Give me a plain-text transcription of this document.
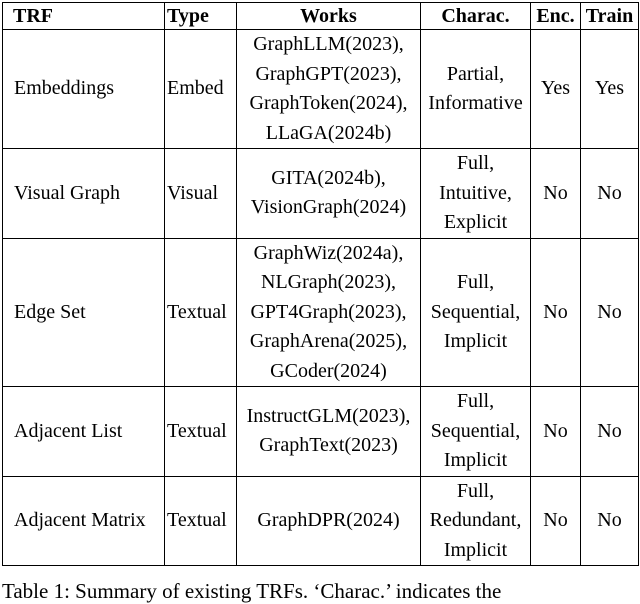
TRF	Type	Works	Charac.	Enc.	Train
Embeddings	Embed	GraphLLM(2023),
GraphGPT(2023),
GraphToken(2024),
LLaGA(2024b)	Partial,
Informative	Yes	Yes
Visual Graph	Visual	GITA(2024b),
VisionGraph(2024)	Full,
Intuitive,
Explicit	No	No
Edge Set	Textual	GraphWiz(2024a),
NLGraph(2023),
GPT4Graph(2023),
GraphArena(2025),
GCoder(2024)	Full,
Sequential,
Implicit	No	No
Adjacent List	Textual	InstructGLM(2023),
GraphText(2023)	Full,
Sequential,
Implicit	No	No
Adjacent Matrix	Textual	GraphDPR(2024)	Full,
Redundant,
Implicit	No	No
Table 1: Summary of existing TRFs. ‘Charac.’ indicates the
